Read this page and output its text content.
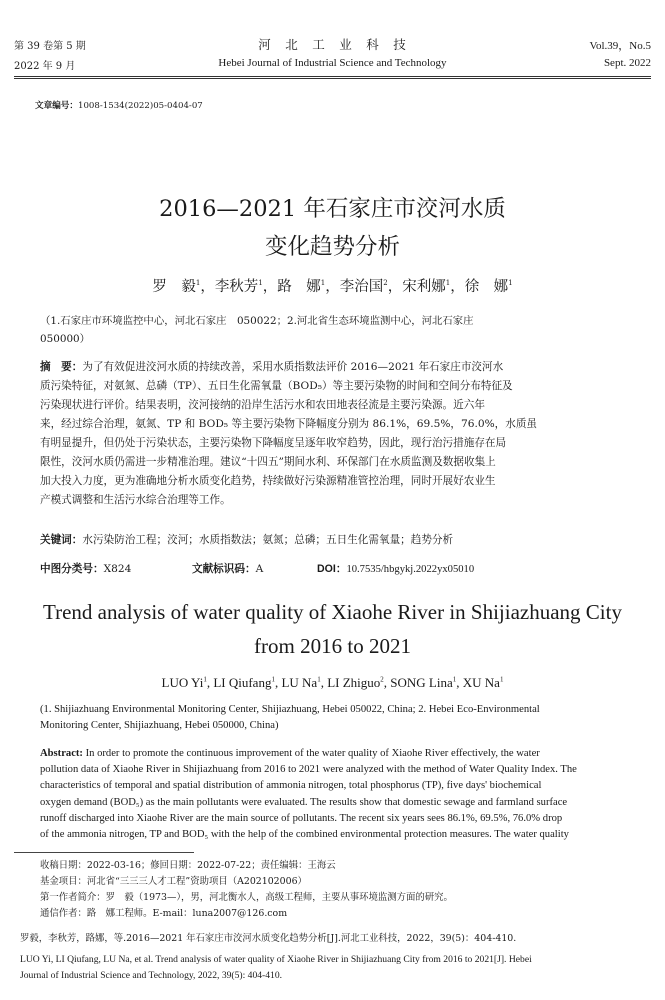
第 39 卷第 5 期	河　北　工　业　科　技	Vol.39，No.5
2022 年 9 月	Hebei Journal of Industrial Science and Technology	Sept. 2022
文章编号：1008-1534(2022)05-0404-07
2016—2021 年石家庄市洨河水质
变化趋势分析
罗　毅$^1$，李秋芳$^1$，路　娜$^1$，李治国$^2$，宋利娜$^1$，徐　娜$^1$
（1.石家庄市环境监控中心，河北石家庄　050022；2.河北省生态环境监测中心，河北石家庄
050000）
摘　要：为了有效促进洨河水质的持续改善，采用水质指数法评价 2016—2021 年石家庄市洨河水
质污染特征，对氨氮、总磷（TP）、五日生化需氧量（BOD₅）等主要污染物的时间和空间分布特征及
污染现状进行评价。结果表明，洨河接纳的沿岸生活污水和农田地表径流是主要污染源。近六年
来，经过综合治理，氨氮、TP 和 BOD₅ 等主要污染物下降幅度分别为 86.1%，69.5%，76.0%，水质虽
有明显提升，但仍处于污染状态，主要污染物下降幅度呈逐年收窄趋势，因此，现行治污措施存在局
限性，洨河水质仍需进一步精准治理。建议“十四五”期间水利、环保部门在水质监测及数据收集上
加大投入力度，更为准确地分析水质变化趋势，持续做好污染源精准管控治理，同时开展好农业生
产模式调整和生活污水综合治理等工作。
关键词：水污染防治工程；洨河；水质指数法；氨氮；总磷；五日生化需氧量；趋势分析
中图分类号：X824	文献标识码：A	DOI：10.7535/hbgykj.2022yx05010
Trend analysis of water quality of Xiaohe River in Shijiazhuang City
from 2016 to 2021
LUO Yi$^1$, LI Qiufang$^1$, LU Na$^1$, LI Zhiguo$^2$, SONG Lina$^1$, XU Na$^1$
(1. Shijiazhuang Environmental Monitoring Center, Shijiazhuang, Hebei 050022, China; 2. Hebei Eco-Environmental
Monitoring Center, Shijiazhuang, Hebei 050000, China)
Abstract: In order to promote the continuous improvement of the water quality of Xiaohe River effectively, the water
pollution data of Xiaohe River in Shijiazhuang from 2016 to 2021 were analyzed with the method of Water Quality Index. The
characteristics of temporal and spatial distribution of ammonia nitrogen, total phosphorus (TP), five days' biochemical
oxygen demand (BOD₅) as the main pollutants were evaluated. The results show that domestic sewage and farmland surface
runoff discharged into Xiaohe River are the main source of pollutants. The recent six years sees 86.1%, 69.5%, 76.0% drop
of the ammonia nitrogen, TP and BOD₅ with the help of the combined environmental protection measures. The water quality
收稿日期：2022-03-16；修回日期：2022-07-22；责任编辑：王海云
基金项目：河北省“三三三人才工程”资助项目（A202102006）
第一作者简介：罗　毅（1973—），男，河北衡水人，高级工程师，主要从事环境监测方面的研究。
通信作者：路　娜工程师。E-mail：luna2007@126.com
罗毅，李秋芳，路娜，等.2016—2021 年石家庄市洨河水质变化趋势分析[J].河北工业科技，2022，39(5)：404-410.
LUO Yi, LI Qiufang, LU Na, et al. Trend analysis of water quality of Xiaohe River in Shijiazhuang City from 2016 to 2021[J]. Hebei
Journal of Industrial Science and Technology, 2022, 39(5): 404-410.
